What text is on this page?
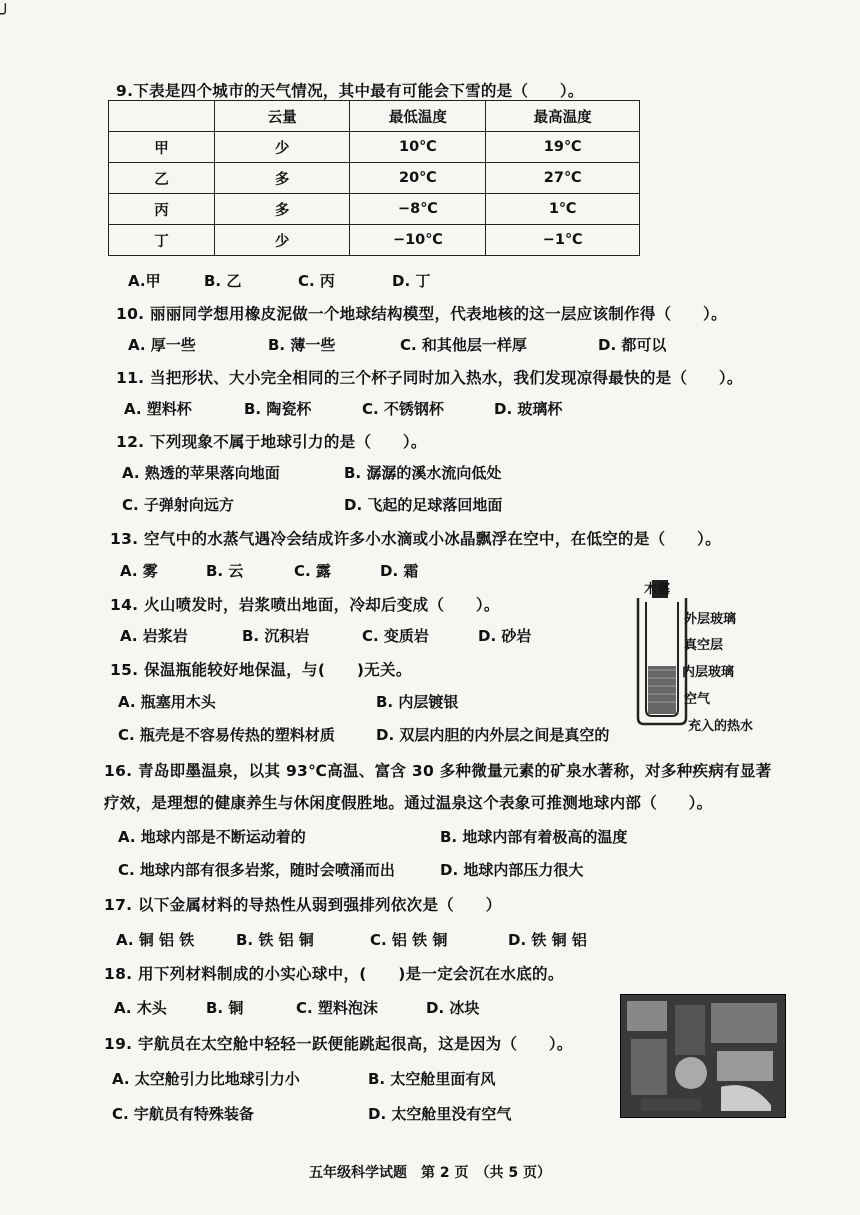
╯
9.下表是四个城市的天气情况，其中最有可能会下雪的是（　　）。
	云量	最低温度	最高温度
甲	少	10℃	19℃
乙	多	20℃	27℃
丙	多	−8℃	1℃
丁	少	−10℃	−1℃
A.甲	B. 乙	C. 丙	D. 丁
10. 丽丽同学想用橡皮泥做一个地球结构模型，代表地核的这一层应该制作得（　　）。
A. 厚一些	B. 薄一些	C. 和其他层一样厚	D. 都可以
11. 当把形状、大小完全相同的三个杯子同时加入热水，我们发现凉得最快的是（　　）。
A. 塑料杯	B. 陶瓷杯	C. 不锈钢杯	D. 玻璃杯
12. 下列现象不属于地球引力的是（　　）。
A. 熟透的苹果落向地面	B. 潺潺的溪水流向低处
C. 子弹射向远方	D. 飞起的足球落回地面
13. 空气中的水蒸气遇冷会结成许多小水滴或小冰晶飘浮在空中，在低空的是（　　）。
A. 雾	B. 云	C. 露	D. 霜
14. 火山喷发时，岩浆喷出地面，冷却后变成（　　）。
A. 岩浆岩	B. 沉积岩	C. 变质岩	D. 砂岩
木塞
外层玻璃
真空层
内层玻璃
空气
充入的热水
15. 保温瓶能较好地保温，与(　　)无关。
A. 瓶塞用木头	B. 内层镀银
C. 瓶壳是不容易传热的塑料材质	D. 双层内胆的内外层之间是真空的
16. 青岛即墨温泉，以其 93℃高温、富含 30 多种微量元素的矿泉水著称，对多种疾病有显著
疗效，是理想的健康养生与休闲度假胜地。通过温泉这个表象可推测地球内部（　　）。
A. 地球内部是不断运动着的	B. 地球内部有着极高的温度
C. 地球内部有很多岩浆，随时会喷涌而出	D. 地球内部压力很大
17. 以下金属材料的导热性从弱到强排列依次是（　　）
A. 铜 铝 铁	B. 铁 铝 铜	C. 铝 铁 铜	D. 铁 铜 铝
18. 用下列材料制成的小实心球中，(　　)是一定会沉在水底的。
A. 木头	B. 铜	C. 塑料泡沫	D. 冰块
19. 宇航员在太空舱中轻轻一跃便能跳起很高，这是因为（　　）。
A. 太空舱引力比地球引力小	B. 太空舱里面有风
C. 宇航员有特殊装备	D. 太空舱里没有空气
五年级科学试题　第 2 页　（共 5 页）
